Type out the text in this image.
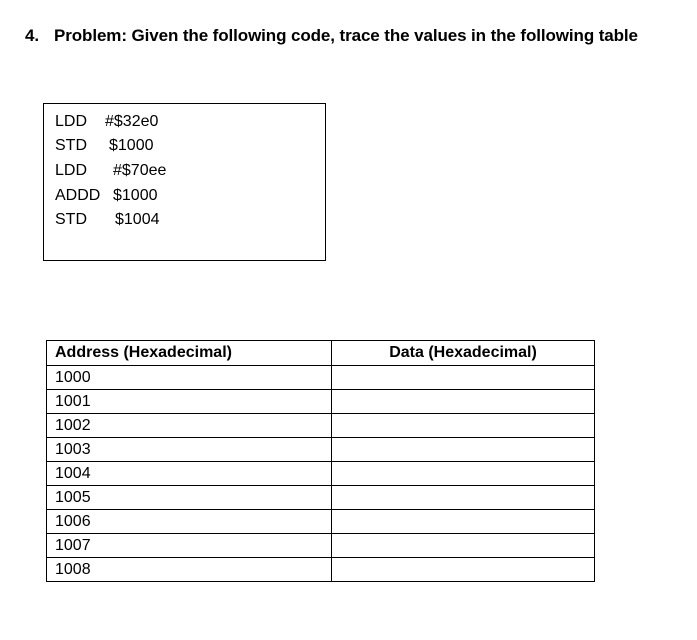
4. Problem: Given the following code, trace the values in the following table
LDD #$32e0
STD $1000
LDD #$70ee
ADDD $1000
STD $1004
Address (Hexadecimal)	Data (Hexadecimal)
1000	
1001	
1002	
1003	
1004	
1005	
1006	
1007	
1008	
